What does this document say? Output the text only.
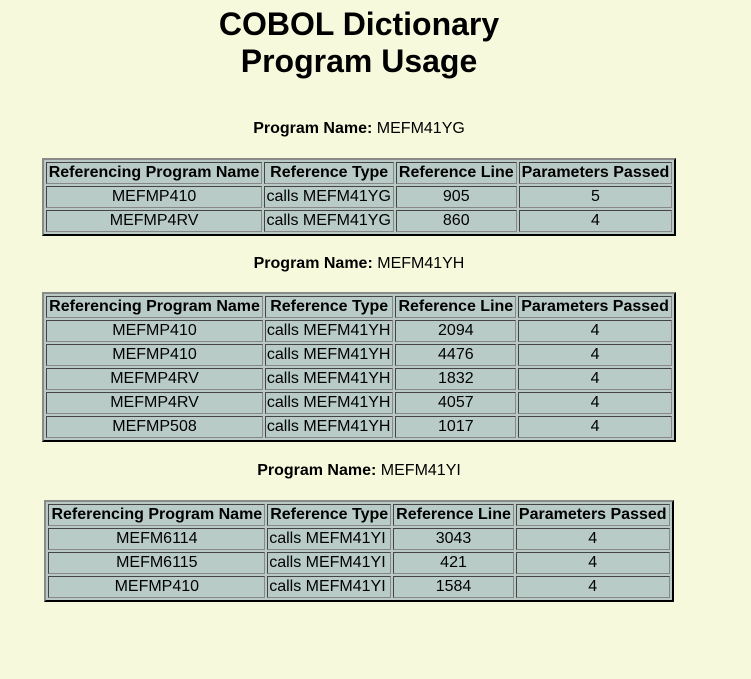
COBOL Dictionary
Program Usage
Program Name: MEFM41YG
Referencing Program Name	Reference Type	Reference Line	Parameters Passed
MEFMP410	calls MEFM41YG	905	5
MEFMP4RV	calls MEFM41YG	860	4
Program Name: MEFM41YH
Referencing Program Name	Reference Type	Reference Line	Parameters Passed
MEFMP410	calls MEFM41YH	2094	4
MEFMP410	calls MEFM41YH	4476	4
MEFMP4RV	calls MEFM41YH	1832	4
MEFMP4RV	calls MEFM41YH	4057	4
MEFMP508	calls MEFM41YH	1017	4
Program Name: MEFM41YI
Referencing Program Name	Reference Type	Reference Line	Parameters Passed
MEFM6114	calls MEFM41YI	3043	4
MEFM6115	calls MEFM41YI	421	4
MEFMP410	calls MEFM41YI	1584	4
